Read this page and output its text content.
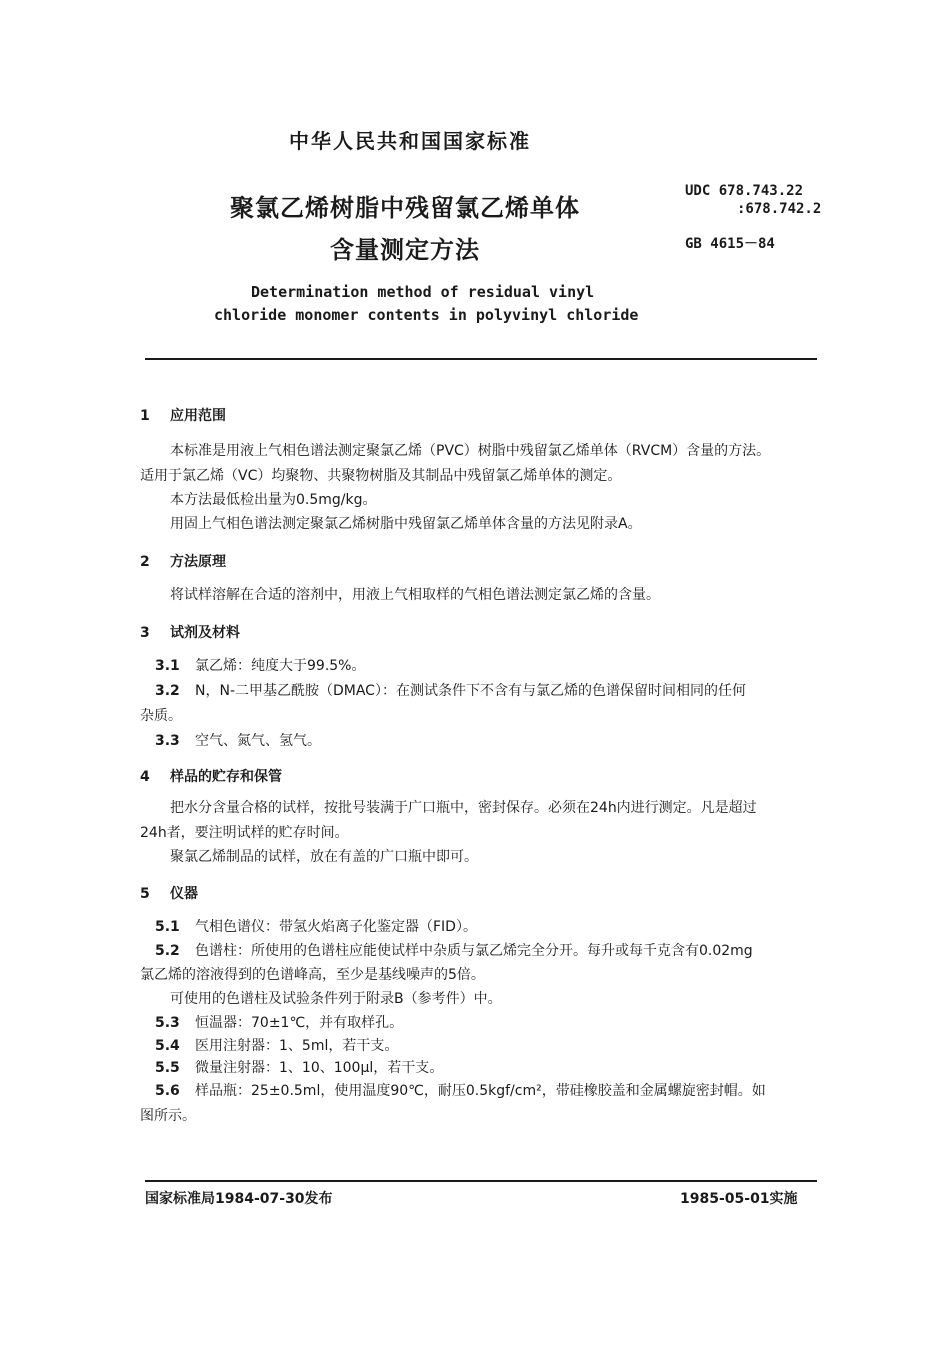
中华人民共和国国家标准
聚氯乙烯树脂中残留氯乙烯单体
含量测定方法
UDC 678.743.22
:678.742.2
GB 4615－84
Determination method of residual vinyl
chloride monomer contents in polyvinyl chloride
1 应用范围
本标准是用液上气相色谱法测定聚氯乙烯（PVC）树脂中残留氯乙烯单体（RVCM）含量的方法。
适用于氯乙烯（VC）均聚物、共聚物树脂及其制品中残留氯乙烯单体的测定。
本方法最低检出量为0.5mg/kg。
用固上气相色谱法测定聚氯乙烯树脂中残留氯乙烯单体含量的方法见附录A。
2 方法原理
将试样溶解在合适的溶剂中，用液上气相取样的气相色谱法测定氯乙烯的含量。
3 试剂及材料
3.1 氯乙烯：纯度大于99.5%。
3.2 N，N-二甲基乙酰胺（DMAC）：在测试条件下不含有与氯乙烯的色谱保留时间相同的任何
杂质。
3.3 空气、氮气、氢气。
4 样品的贮存和保管
把水分含量合格的试样，按批号装满于广口瓶中，密封保存。必须在24h内进行测定。凡是超过
24h者，要注明试样的贮存时间。
聚氯乙烯制品的试样，放在有盖的广口瓶中即可。
5 仪器
5.1 气相色谱仪：带氢火焰离子化鉴定器（FID）。
5.2 色谱柱：所使用的色谱柱应能使试样中杂质与氯乙烯完全分开。每升或每千克含有0.02mg
氯乙烯的溶液得到的色谱峰高，至少是基线噪声的5倍。
可使用的色谱柱及试验条件列于附录B（参考件）中。
5.3 恒温器：70±1℃，并有取样孔。
5.4 医用注射器：1、5ml，若干支。
5.5 微量注射器：1、10、100μl，若干支。
5.6 样品瓶：25±0.5ml，使用温度90℃，耐压0.5kgf/cm²，带硅橡胶盖和金属螺旋密封帽。如
图所示。
国家标准局1984-07-30发布	1985-05-01实施
